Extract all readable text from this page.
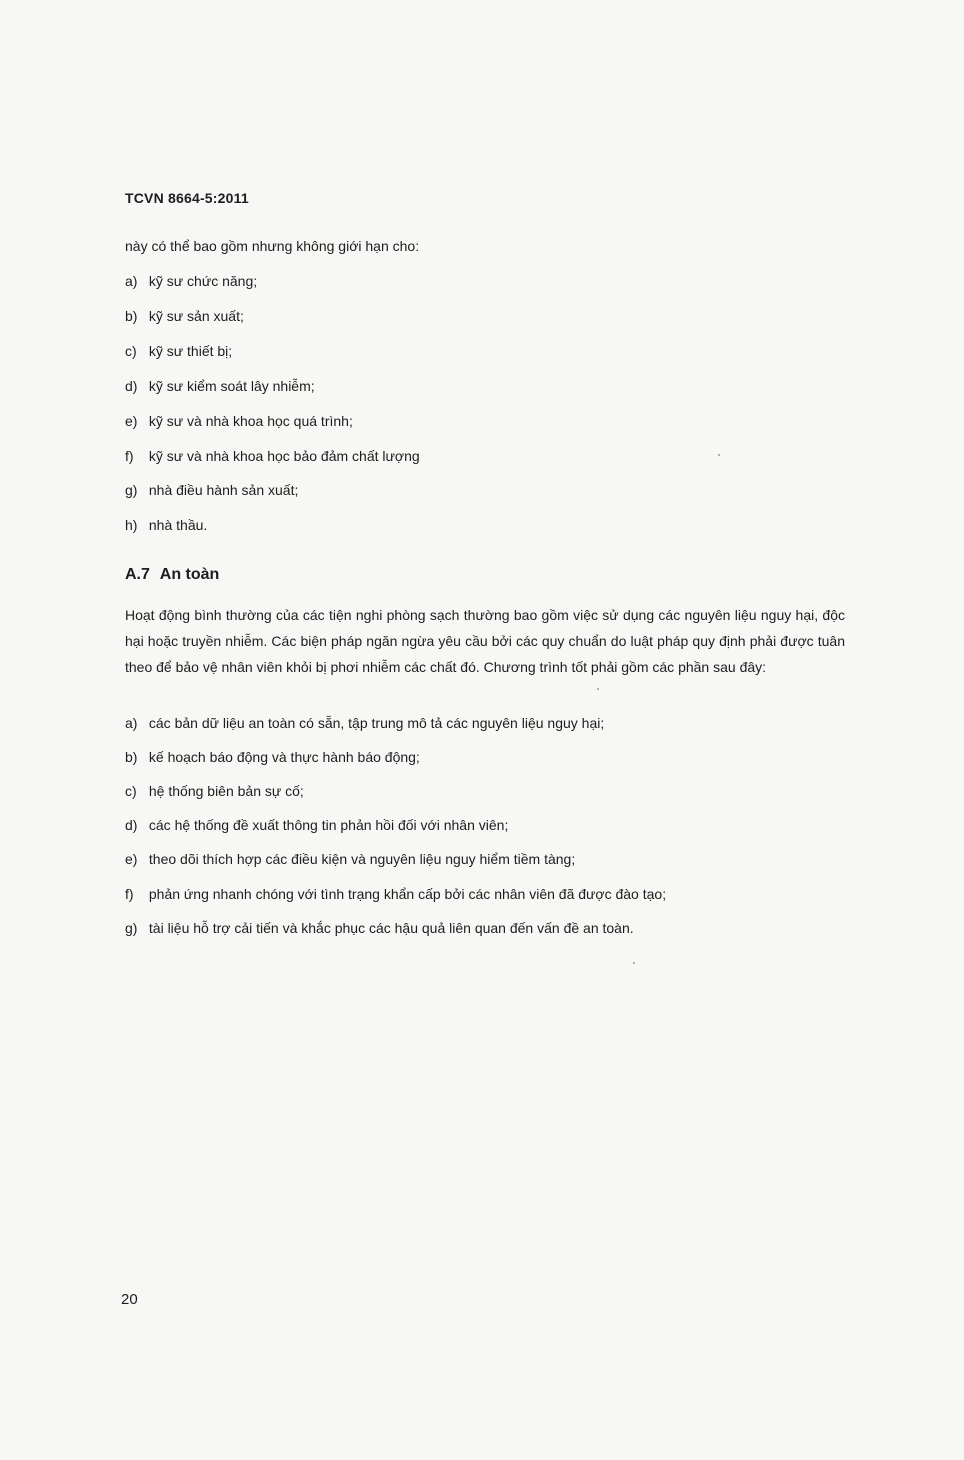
TCVN 8664-5:2011
này có thể bao gồm nhưng không giới hạn cho:
a) kỹ sư chức năng;
b) kỹ sư sản xuất;
c) kỹ sư thiết bị;
d) kỹ sư kiểm soát lây nhiễm;
e) kỹ sư và nhà khoa học quá trình;
f) kỹ sư và nhà khoa học bảo đảm chất lượng
g) nhà điều hành sản xuất;
h) nhà thầu.
A.7 An toàn
Hoạt động bình thường của các tiện nghi phòng sạch thường bao gồm việc sử dụng các nguyên liệu nguy hại, độc hại hoặc truyền nhiễm. Các biện pháp ngăn ngừa yêu cầu bởi các quy chuẩn do luật pháp quy định phải được tuân theo để bảo vệ nhân viên khỏi bị phơi nhiễm các chất đó. Chương trình tốt phải gồm các phần sau đây:
a) các bản dữ liệu an toàn có sẵn, tập trung mô tả các nguyên liệu nguy hại;
b) kế hoạch báo động và thực hành báo động;
c) hệ thống biên bản sự cố;
d) các hệ thống đề xuất thông tin phản hồi đối với nhân viên;
e) theo dõi thích hợp các điều kiện và nguyên liệu nguy hiểm tiềm tàng;
f) phản ứng nhanh chóng với tình trạng khẩn cấp bởi các nhân viên đã được đào tạo;
g) tài liệu hỗ trợ cải tiến và khắc phục các hậu quả liên quan đến vấn đề an toàn.
20
